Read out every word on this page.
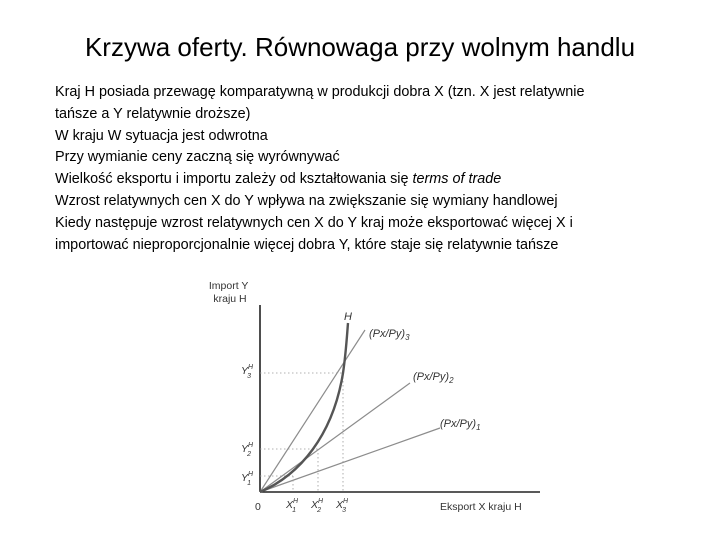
Krzywa oferty. Równowaga przy wolnym handlu
Kraj H posiada przewagę komparatywną w produkcji dobra X (tzn. X jest relatywnie
tańsze a Y relatywnie droższe)
W kraju W sytuacja jest odwrotna
Przy wymianie ceny zaczną się wyrównywać
Wielkość eksportu i importu zależy od kształtowania się terms of trade
Wzrost relatywnych cen X do Y wpływa na zwiększanie się wymiany handlowej
Kiedy następuje wzrost relatywnych cen X do Y kraj może eksportować więcej X i
importować nieproporcjonalnie więcej dobra Y, które staje się relatywnie tańsze
H
$(Px/Py)_3$
$(Px/Py)_2$
$(Px/Py)_1$
Import Y kraju H
$Y^H$ 3
$Y^H$ 2
$Y^H$ 1
0 $X^H$ 1 $X^H$ 2 $X^H$ 3	Eksport X kraju H
